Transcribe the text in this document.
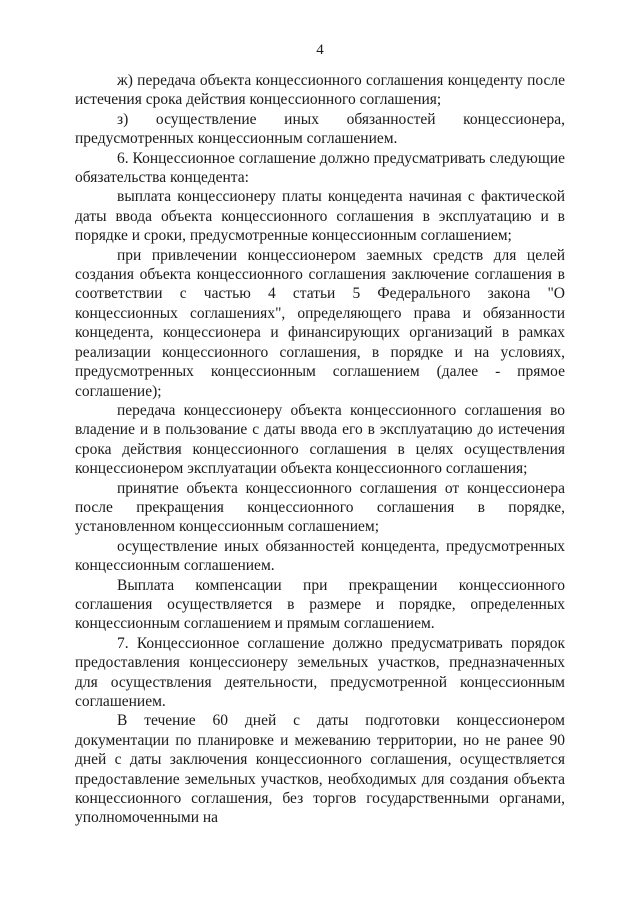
4

ж) передача объекта концессионного соглашения концеденту после истечения срока действия концессионного соглашения;

з) осуществление иных обязанностей концессионера, предусмотренных концессионным соглашением.

6. Концессионное соглашение должно предусматривать следующие обязательства концедента:

выплата концессионеру платы концедента начиная с фактической даты ввода объекта концессионного соглашения в эксплуатацию и в порядке и сроки, предусмотренные концессионным соглашением;

при привлечении концессионером заемных средств для целей создания объекта концессионного соглашения заключение соглашения в соответствии с частью 4 статьи 5 Федерального закона "О концессионных соглашениях", определяющего права и обязанности концедента, концессионера и финансирующих организаций в рамках реализации концессионного соглашения, в порядке и на условиях, предусмотренных концессионным соглашением (далее - прямое соглашение);

передача концессионеру объекта концессионного соглашения во владение и в пользование с даты ввода его в эксплуатацию до истечения срока действия концессионного соглашения в целях осуществления концессионером эксплуатации объекта концессионного соглашения;

принятие объекта концессионного соглашения от концессионера после прекращения концессионного соглашения в порядке, установленном концессионным соглашением;

осуществление иных обязанностей концедента, предусмотренных концессионным соглашением.

Выплата компенсации при прекращении концессионного соглашения осуществляется в размере и порядке, определенных концессионным соглашением и прямым соглашением.

7. Концессионное соглашение должно предусматривать порядок предоставления концессионеру земельных участков, предназначенных для осуществления деятельности, предусмотренной концессионным соглашением.

В течение 60 дней с даты подготовки концессионером документации по планировке и межеванию территории, но не ранее 90 дней с даты заключения концессионного соглашения, осуществляется предоставление земельных участков, необходимых для создания объекта концессионного соглашения, без торгов государственными органами, уполномоченными на
